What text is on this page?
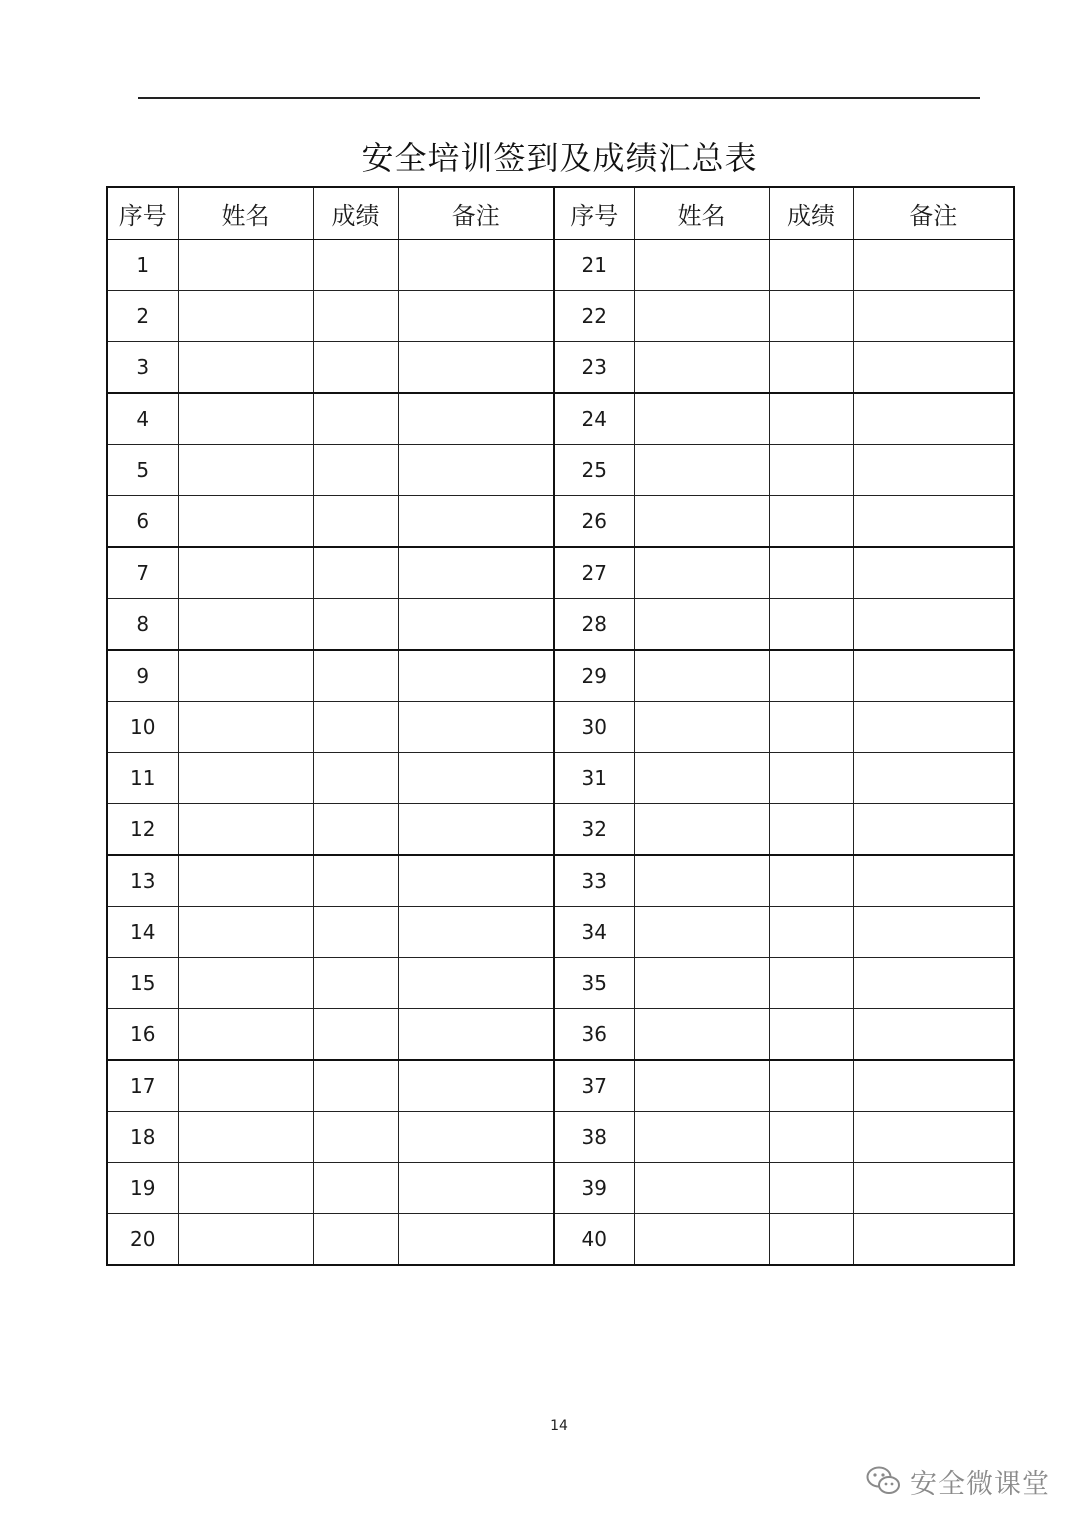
安全培训签到及成绩汇总表
序号	姓名	成绩	备注	序号	姓名	成绩	备注
1				21			
2				22			
3				23			
4				24			
5				25			
6				26			
7				27			
8				28			
9				29			
10				30			
11				31			
12				32			
13				33			
14				34			
15				35			
16				36			
17				37			
18				38			
19				39			
20				40			
14
安全微课堂
